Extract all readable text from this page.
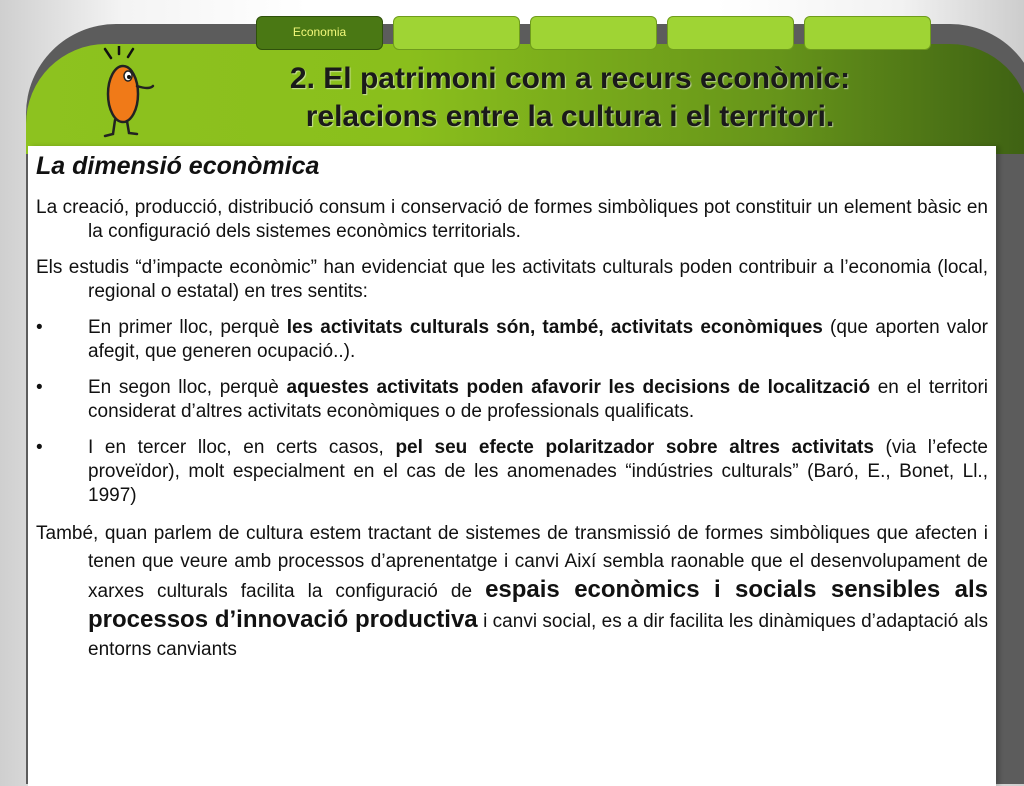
Economia
2. El patrimoni com a recurs econòmic:
relacions entre la cultura i el territori.
La dimensió econòmica
La creació, producció, distribució consum i conservació de formes simbòliques pot constituir un element bàsic en la configuració dels sistemes econòmics territorials.
Els estudis “d’impacte econòmic” han evidenciat que les activitats culturals poden contribuir a l’economia (local, regional o estatal) en tres sentits:
• En primer lloc, perquè les activitats culturals són, també, activitats econòmiques (que aporten valor afegit, que generen ocupació..).
• En segon lloc, perquè aquestes activitats poden afavorir les decisions de localització en el territori considerat d’altres activitats econòmiques o de professionals qualificats.
• I en tercer lloc, en certs casos, pel seu efecte polaritzador sobre altres activitats (via l’efecte proveïdor), molt especialment en el cas de les anomenades “indústries culturals” (Baró, E., Bonet, Ll., 1997)
També, quan parlem de cultura estem tractant de sistemes de transmissió de formes simbòliques que afecten i tenen que veure amb processos d’aprenentatge i canvi Així sembla raonable que el desenvolupament de xarxes culturals facilita la configuració de espais econòmics i socials sensibles als processos d’innovació productiva i canvi social, es a dir facilita les dinàmiques d’adaptació als entorns canviants
